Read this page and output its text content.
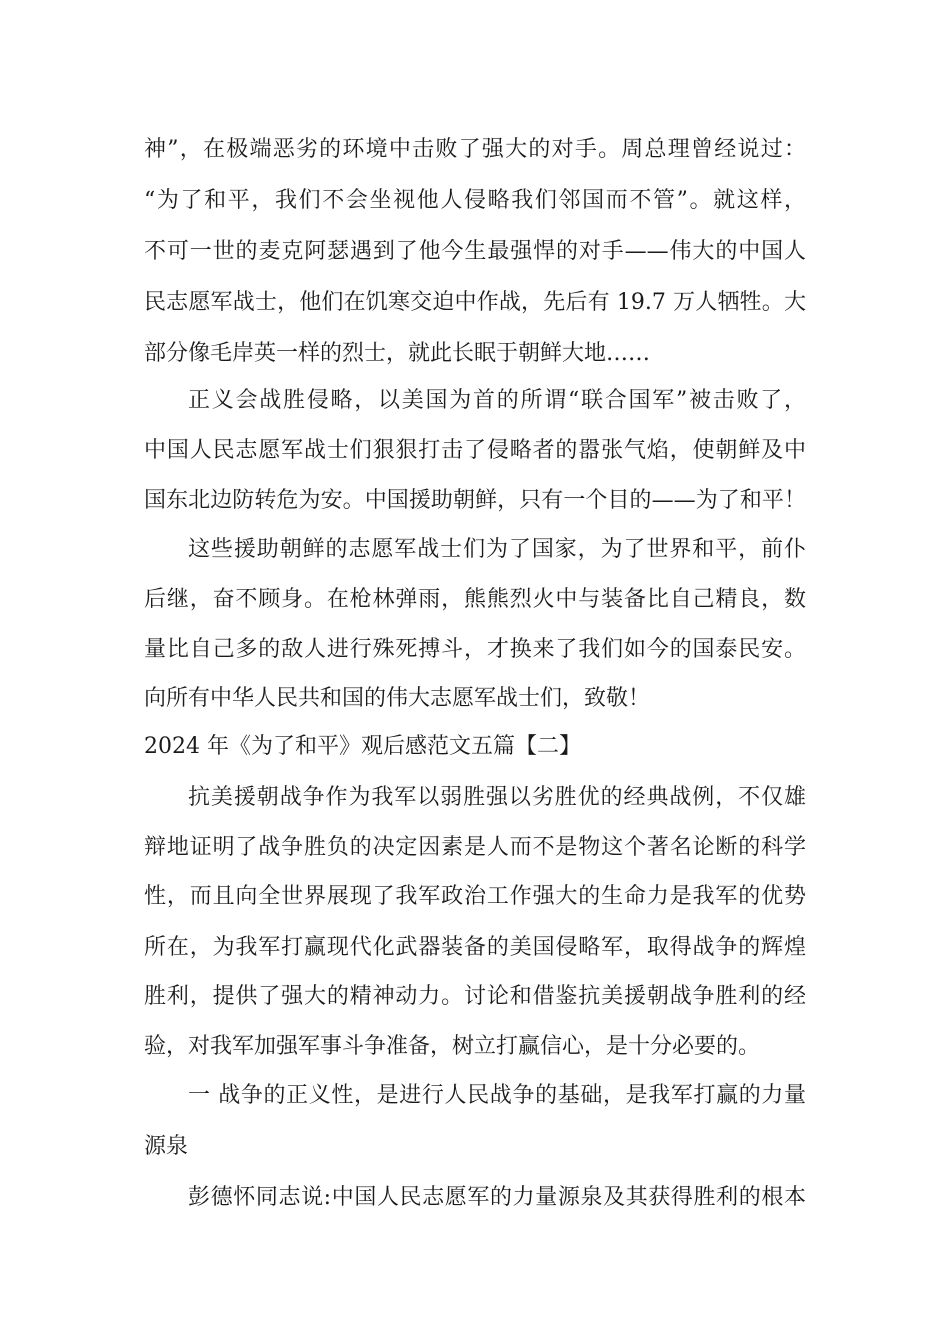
神”，在极端恶劣的环境中击败了强大的对手。周总理曾经说过：
“为了和平，我们不会坐视他人侵略我们邻国而不管”。就这样，
不可一世的麦克阿瑟遇到了他今生最强悍的对手——伟大的中国人
民志愿军战士，他们在饥寒交迫中作战，先后有 19.7 万人牺牲。大
部分像毛岸英一样的烈士，就此长眠于朝鲜大地……
正义会战胜侵略，以美国为首的所谓“联合国军”被击败了，
中国人民志愿军战士们狠狠打击了侵略者的嚣张气焰，使朝鲜及中
国东北边防转危为安。中国援助朝鲜，只有一个目的——为了和平！
这些援助朝鲜的志愿军战士们为了国家，为了世界和平，前仆
后继，奋不顾身。在枪林弹雨，熊熊烈火中与装备比自己精良，数
量比自己多的敌人进行殊死搏斗，才换来了我们如今的国泰民安。
向所有中华人民共和国的伟大志愿军战士们，致敬！
2024 年《为了和平》观后感范文五篇【二】
抗美援朝战争作为我军以弱胜强以劣胜优的经典战例，不仅雄
辩地证明了战争胜负的决定因素是人而不是物这个著名论断的科学
性，而且向全世界展现了我军政治工作强大的生命力是我军的优势
所在，为我军打赢现代化武器装备的美国侵略军，取得战争的辉煌
胜利，提供了强大的精神动力。讨论和借鉴抗美援朝战争胜利的经
验，对我军加强军事斗争准备，树立打赢信心，是十分必要的。
一 战争的正义性，是进行人民战争的基础，是我军打赢的力量
源泉
彭德怀同志说:中国人民志愿军的力量源泉及其获得胜利的根本
